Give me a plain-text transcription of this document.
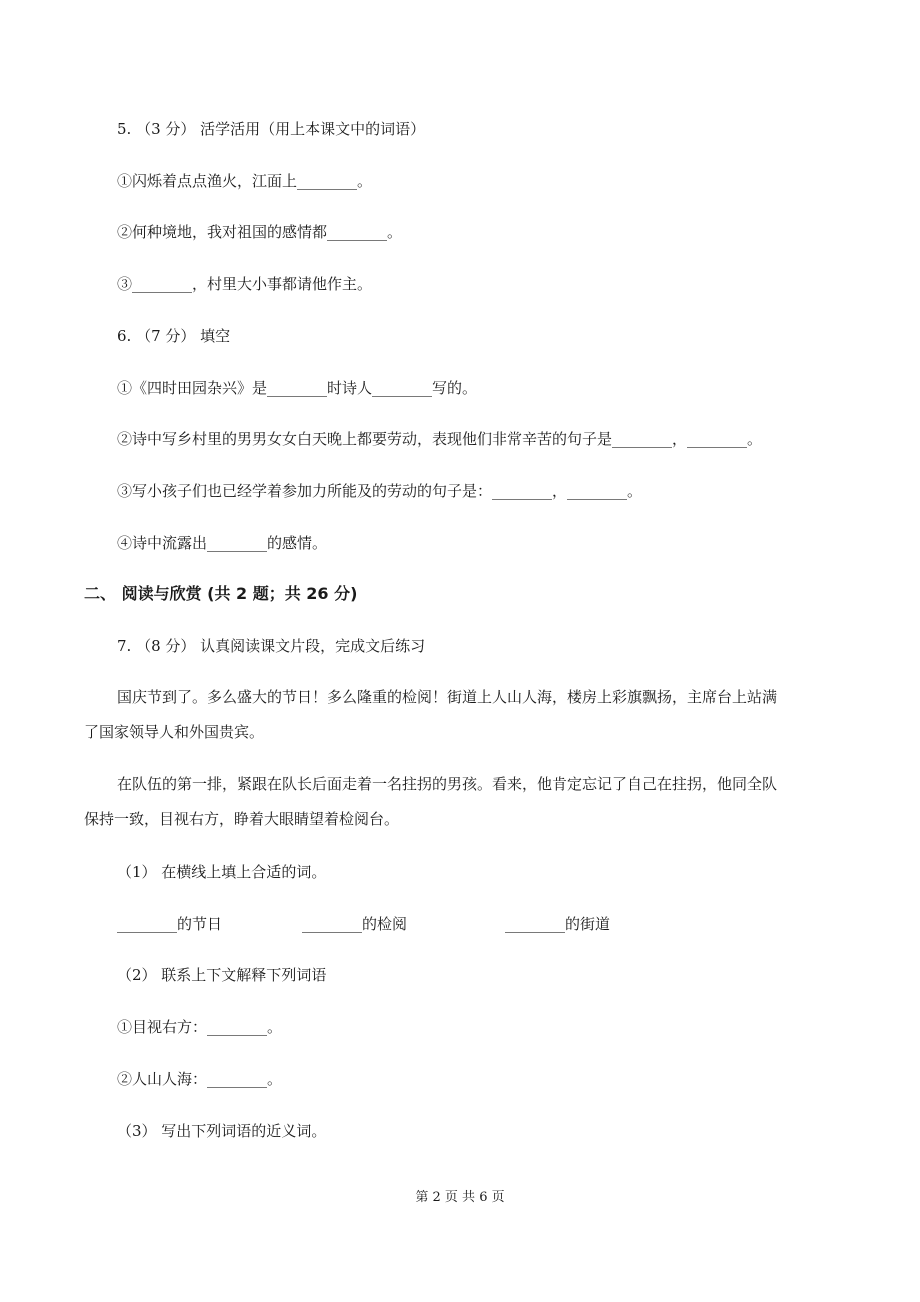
5. （3 分） 活学活用（用上本课文中的词语）
①闪烁着点点渔火，江面上________。
②何种境地，我对祖国的感情都________。
③________，村里大小事都请他作主。
6. （7 分） 填空
①《四时田园杂兴》是________时诗人________写的。
②诗中写乡村里的男男女女白天晚上都要劳动，表现他们非常辛苦的句子是________，________。
③写小孩子们也已经学着参加力所能及的劳动的句子是：________，________。
④诗中流露出________的感情。
二、 阅读与欣赏 (共 2 题；共 26 分)
7. （8 分） 认真阅读课文片段，完成文后练习
国庆节到了。多么盛大的节日！多么隆重的检阅！街道上人山人海，楼房上彩旗飘扬，主席台上站满
了国家领导人和外国贵宾。
在队伍的第一排，紧跟在队长后面走着一名拄拐的男孩。看来，他肯定忘记了自己在拄拐，他同全队
保持一致，目视右方，睁着大眼睛望着检阅台。
（1） 在横线上填上合适的词。
________的节日	________的检阅	________的街道
（2） 联系上下文解释下列词语
①目视右方：________。
②人山人海：________。
（3） 写出下列词语的近义词。
第 2 页 共 6 页
